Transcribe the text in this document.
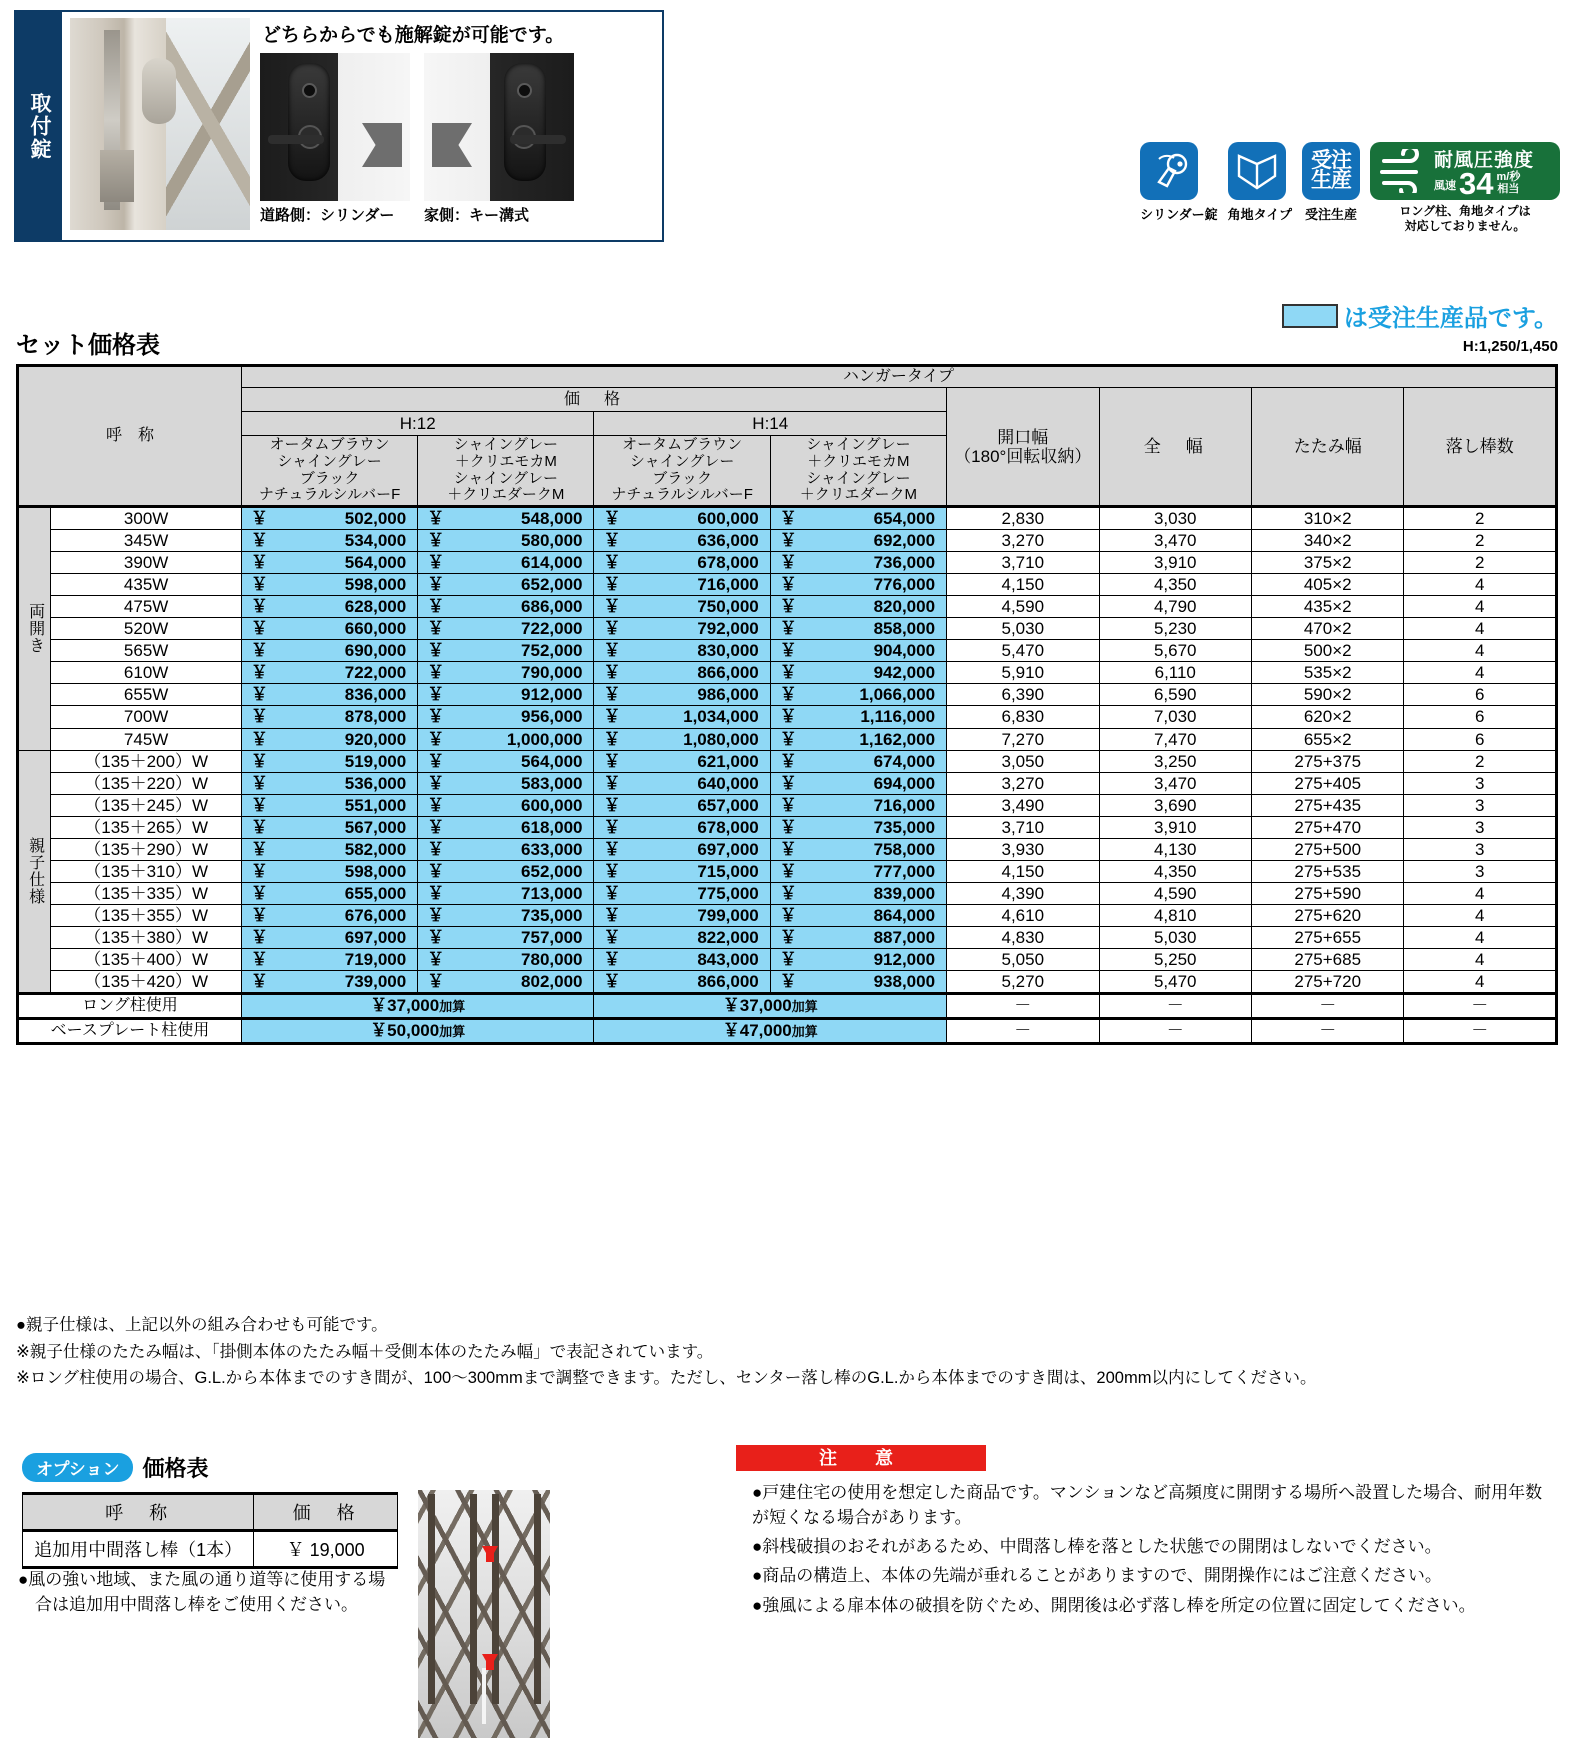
取付錠
どちらからでも施解錠が可能です。
道路側：シリンダー	家側：キー溝式	シリンダー錠 角地タイプ
受注
生産
受注生産
耐風圧強度
風速 34 m/秒
相当
ロング柱、角地タイプは
対応しておりません。
は受注生産品です。
H:1,250/1,450
セット価格表
呼　称		ハンガータイプ							
		価　格				開口幅
（180°回転収納）	全　幅	たたみ幅	落し棒数
		H:12		H:14					

		オータムブラウン
シャイングレー
ブラック
ナチュラルシルバーF	シャイングレー
＋クリエモカM
シャイングレー
＋クリエダークM	オータムブラウン
シャイングレー
ブラック
ナチュラルシルバーF	シャイングレー
＋クリエモカM
シャイングレー
＋クリエダークM				

両開き	300W	￥ 502,000	￥ 548,000	￥ 600,000	￥ 654,000	2,830	3,030	310×2	2
	345W	￥ 534,000	￥ 580,000	￥ 636,000	￥ 692,000	3,270	3,470	340×2	2
	390W	￥ 564,000	￥ 614,000	￥ 678,000	￥ 736,000	3,710	3,910	375×2	2
	435W	￥ 598,000	￥ 652,000	￥ 716,000	￥ 776,000	4,150	4,350	405×2	4
	475W	￥ 628,000	￥ 686,000	￥ 750,000	￥ 820,000	4,590	4,790	435×2	4
	520W	￥ 660,000	￥ 722,000	￥ 792,000	￥ 858,000	5,030	5,230	470×2	4
	565W	￥ 690,000	￥ 752,000	￥ 830,000	￥ 904,000	5,470	5,670	500×2	4
	610W	￥ 722,000	￥ 790,000	￥ 866,000	￥ 942,000	5,910	6,110	535×2	4
	655W	￥ 836,000	￥ 912,000	￥ 986,000	￥ 1,066,000	6,390	6,590	590×2	6
	700W	￥ 878,000	￥ 956,000	￥ 1,034,000	￥ 1,116,000	6,830	7,030	620×2	6
	745W	￥ 920,000	￥ 1,000,000	￥ 1,080,000	￥ 1,162,000	7,270	7,470	655×2	6
親子仕様	（135＋200）W	￥ 519,000	￥ 564,000	￥ 621,000	￥ 674,000	3,050	3,250	275+375	2
	（135＋220）W	￥ 536,000	￥ 583,000	￥ 640,000	￥ 694,000	3,270	3,470	275+405	3
	（135＋245）W	￥ 551,000	￥ 600,000	￥ 657,000	￥ 716,000	3,490	3,690	275+435	3
	（135＋265）W	￥ 567,000	￥ 618,000	￥ 678,000	￥ 735,000	3,710	3,910	275+470	3
	（135＋290）W	￥ 582,000	￥ 633,000	￥ 697,000	￥ 758,000	3,930	4,130	275+500	3
	（135＋310）W	￥ 598,000	￥ 652,000	￥ 715,000	￥ 777,000	4,150	4,350	275+535	3
	（135＋335）W	￥ 655,000	￥ 713,000	￥ 775,000	￥ 839,000	4,390	4,590	275+590	4
	（135＋355）W	￥ 676,000	￥ 735,000	￥ 799,000	￥ 864,000	4,610	4,810	275+620	4
	（135＋380）W	￥ 697,000	￥ 757,000	￥ 822,000	￥ 887,000	4,830	5,030	275+655	4
	（135＋400）W	￥ 719,000	￥ 780,000	￥ 843,000	￥ 912,000	5,050	5,250	275+685	4
	（135＋420）W	￥ 739,000	￥ 802,000	￥ 866,000	￥ 938,000	5,270	5,470	275+720	4
ロング柱使用		￥37,000加算		￥37,000加算		－	－	－	－
ベースプレート柱使用		￥50,000加算		￥47,000加算		－	－	－	－
●親子仕様は、上記以外の組み合わせも可能です。
※親子仕様のたたみ幅は、「掛側本体のたたみ幅＋受側本体のたたみ幅」で表記されています。
※ロング柱使用の場合、G.L.から本体までのすき間が、100〜300mmまで調整できます。ただし、センター落し棒のG.L.から本体までのすき間は、200mm以内にしてください。
オプション	価格表
呼　称	価　格
追加用中間落し棒（1本）	￥ 19,000
●風の強い地域、また風の通り道等に使用する場
　合は追加用中間落し棒をご使用ください。
注　意

●戸建住宅の使用を想定した商品です。マンションなど高頻度に開閉する場所へ設置した場合、耐用年数が短くなる場合があります。

●斜桟破損のおそれがあるため、中間落し棒を落とした状態での開閉はしないでください。

●商品の構造上、本体の先端が垂れることがありますので、開閉操作にはご注意ください。

●強風による扉本体の破損を防ぐため、開閉後は必ず落し棒を所定の位置に固定してください。
